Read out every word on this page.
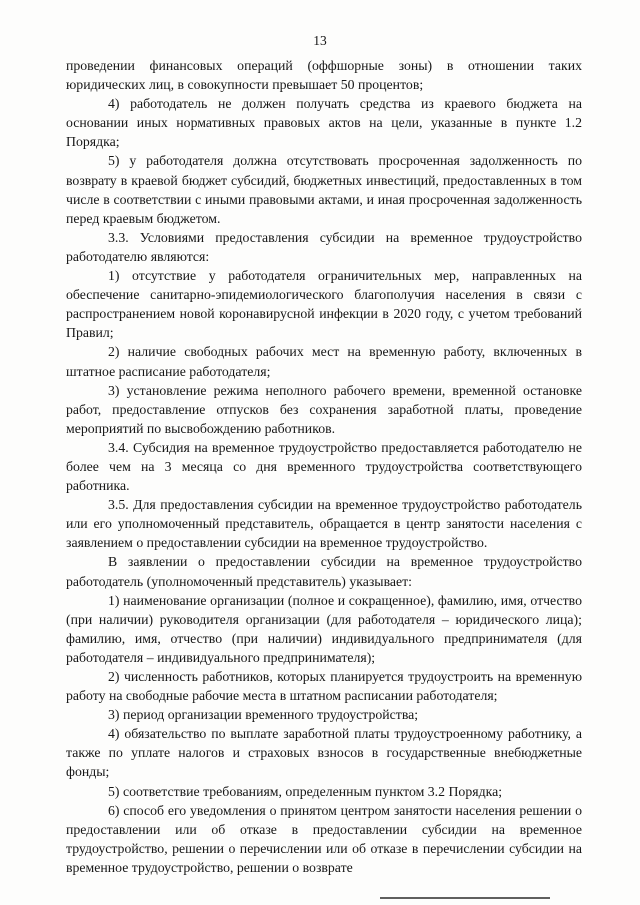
13

проведении финансовых операций (оффшорные зоны) в отношении таких юридических лиц, в совокупности превышает 50 процентов;

4) работодатель не должен получать средства из краевого бюджета на основании иных нормативных правовых актов на цели, указанные в пункте 1.2 Порядка;

5) у работодателя должна отсутствовать просроченная задолженность по возврату в краевой бюджет субсидий, бюджетных инвестиций, предоставленных в том числе в соответствии с иными правовыми актами, и иная просроченная задолженность перед краевым бюджетом.

3.3. Условиями предоставления субсидии на временное трудоустройство работодателю являются:

1) отсутствие у работодателя ограничительных мер, направленных на обеспечение санитарно-эпидемиологического благополучия населения в связи с распространением новой коронавирусной инфекции в 2020 году, с учетом требований Правил;

2) наличие свободных рабочих мест на временную работу, включенных в штатное расписание работодателя;

3) установление режима неполного рабочего времени, временной остановке работ, предоставление отпусков без сохранения заработной платы, проведение мероприятий по высвобождению работников.

3.4. Субсидия на временное трудоустройство предоставляется работодателю не более чем на 3 месяца со дня временного трудоустройства соответствующего работника.

3.5. Для предоставления субсидии на временное трудоустройство работодатель или его уполномоченный представитель, обращается в центр занятости населения с заявлением о предоставлении субсидии на временное трудоустройство.

В заявлении о предоставлении субсидии на временное трудоустройство работодатель (уполномоченный представитель) указывает:

1) наименование организации (полное и сокращенное), фамилию, имя, отчество (при наличии) руководителя организации (для работодателя – юридического лица); фамилию, имя, отчество (при наличии) индивидуального предпринимателя (для работодателя – индивидуального предпринимателя);

2) численность работников, которых планируется трудоустроить на временную работу на свободные рабочие места в штатном расписании работодателя;

3) период организации временного трудоустройства;

4) обязательство по выплате заработной платы трудоустроенному работнику, а также по уплате налогов и страховых взносов в государственные внебюджетные фонды;

5) соответствие требованиям, определенным пунктом 3.2 Порядка;

6) способ его уведомления о принятом центром занятости населения решении о предоставлении или об отказе в предоставлении субсидии на временное трудоустройство, решении о перечислении или об отказе в перечислении субсидии на временное трудоустройство, решении о возврате
